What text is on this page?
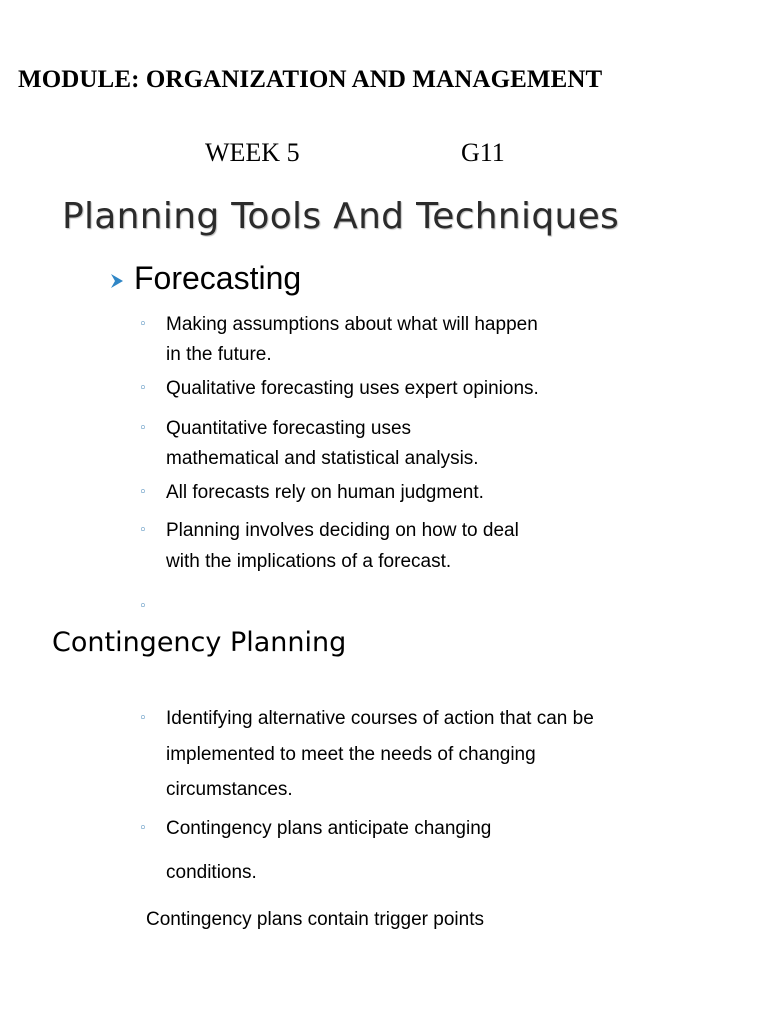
MODULE: ORGANIZATION AND MANAGEMENT
WEEK 5	G11
Planning Tools And Techniques
Forecasting
◦ Making assumptions about what will happen
in the future.
◦ Qualitative forecasting uses expert opinions.
◦ Quantitative forecasting uses
mathematical and statistical analysis.
◦ All forecasts rely on human judgment.
◦ Planning involves deciding on how to deal
with the implications of a forecast.
◦
Contingency Planning
◦ Identifying alternative courses of action that can be
implemented to meet the needs of changing
circumstances.
◦ Contingency plans anticipate changing
conditions.
Contingency plans contain trigger points
